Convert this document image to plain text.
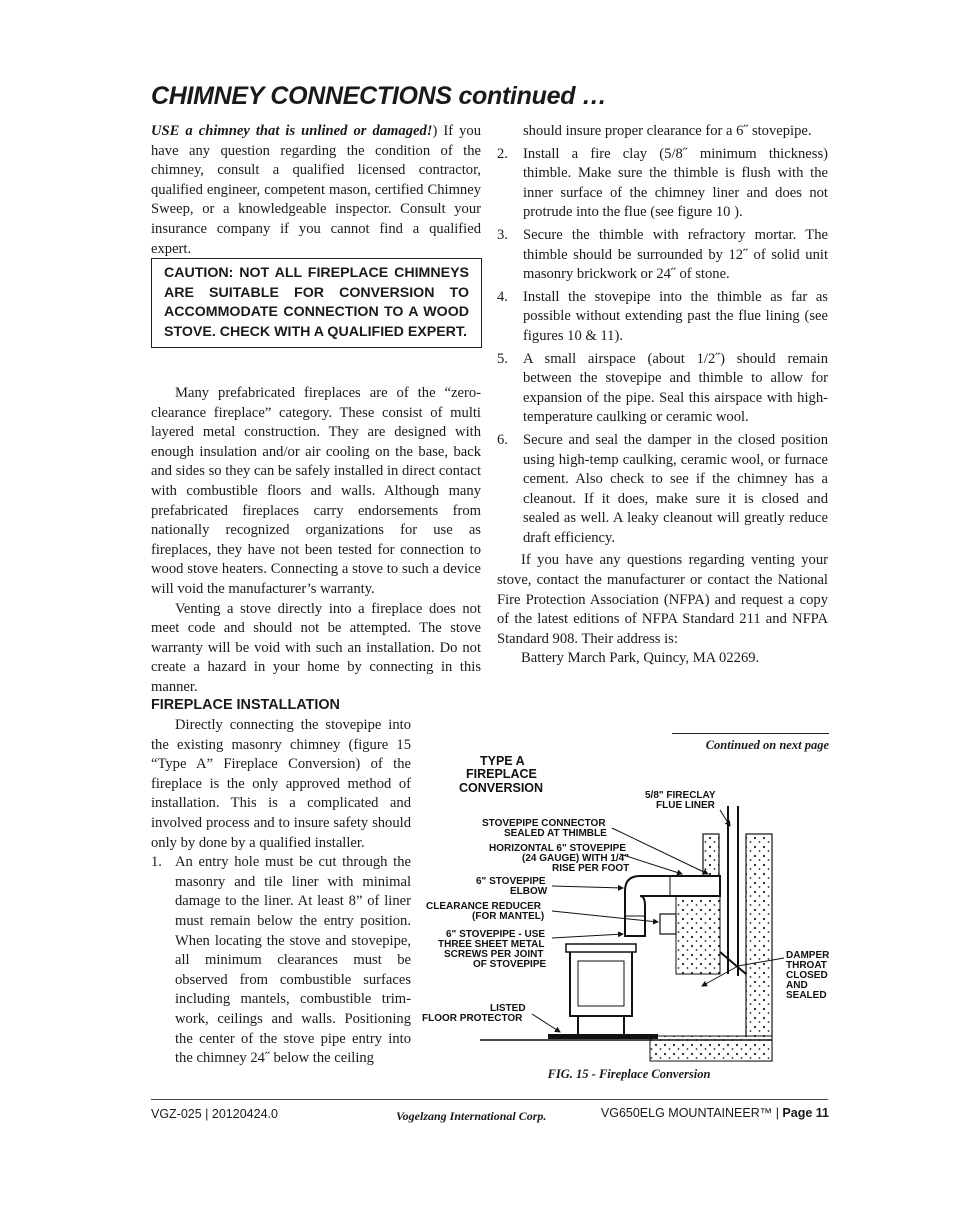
CHIMNEY CONNECTIONS continued …

USE a chimney that is unlined or damaged!) If you have any question regarding the condition of the chimney, consult a qualified licensed contractor, qualified engineer, competent mason, certified Chimney Sweep, or a knowledgeable inspector. Consult your insurance company if you cannot find a qualified expert.

CAUTION: NOT ALL FIREPLACE CHIMNEYS ARE SUITABLE FOR CONVERSION TO ACCOMMODATE CONNECTION TO A WOOD STOVE. CHECK WITH A QUALIFIED EXPERT.

Many prefabricated fireplaces are of the “zero-clearance fireplace” category. These consist of multi layered metal construction. They are designed with enough insulation and/or air cooling on the base, back and sides so they can be safely installed in direct contact with combustible floors and walls. Although many prefabricated fireplaces carry endorsements from nationally recognized organizations for use as fireplaces, they have not been tested for connection to wood stove heaters. Connecting a stove to such a device will void the manufacturer’s warranty.

Venting a stove directly into a fireplace does not meet code and should not be attempted. The stove warranty will be void with such an installation. Do not create a hazard in your home by connecting in this manner.

should insure proper clearance for a 6˝ stovepipe.

2. Install a fire clay (5/8˝ minimum thickness) thimble. Make sure the thimble is flush with the inner surface of the chimney liner and does not protrude into the flue (see figure 10 ).
3. Secure the thimble with refractory mortar. The thimble should be surrounded by 12˝ of solid unit masonry brickwork or 24˝ of stone.
4. Install the stovepipe into the thimble as far as possible without extending past the flue lining (see figures 10 & 11).
5. A small airspace (about 1/2˝) should remain between the stovepipe and thimble to allow for expansion of the pipe. Seal this airspace with high-temperature caulking or ceramic wool.
6. Secure and seal the damper in the closed position using high-temp caulking, ceramic wool, or furnace cement. Also check to see if the chimney has a cleanout. If it does, make sure it is closed and sealed as well. A leaky cleanout will greatly reduce draft efficiency.

If you have any questions regarding venting your stove, contact the manufacturer or contact the National Fire Protection Association (NFPA) and request a copy of the latest editions of NFPA Standard 211 and NFPA Standard 908. Their address is:

Battery March Park, Quincy, MA 02269.

FIREPLACE INSTALLATION

Directly connecting the stovepipe into the existing masonry chimney (figure 15 “Type A” Fireplace Conversion) of the fireplace is the only approved method of installation. This is a complicated and involved process and to insure safety should only by done by a qualified installer.

1. An entry hole must be cut through the masonry and tile liner with minimal damage to the liner. At least 8” of liner must remain below the entry position. When locating the stove and stovepipe, all minimum clearances must be observed from combustible surfaces including mantels, combustible trim-work, ceilings and walls. Positioning the center of the stove pipe entry into the chimney 24˝ below the ceiling
Continued on next page
TYPE A
FIREPLACE
CONVERSION
5/8" FIRECLAY
FLUE LINER
STOVEPIPE CONNECTOR
SEALED AT THIMBLE
HORIZONTAL 6" STOVEPIPE
(24 GAUGE) WITH 1/4"
RISE PER FOOT
6" STOVEPIPE
ELBOW
CLEARANCE REDUCER
(FOR MANTEL)
6" STOVEPIPE - USE
THREE SHEET METAL
SCREWS PER JOINT
OF STOVEPIPE
DAMPER
THROAT
CLOSED
AND
SEALED
LISTED
FLOOR PROTECTOR
FIG. 15 - Fireplace Conversion
VGZ-025 | 20120424.0	Vogelzang International Corp.	VG650ELG MOUNTAINEER™ | Page 11
